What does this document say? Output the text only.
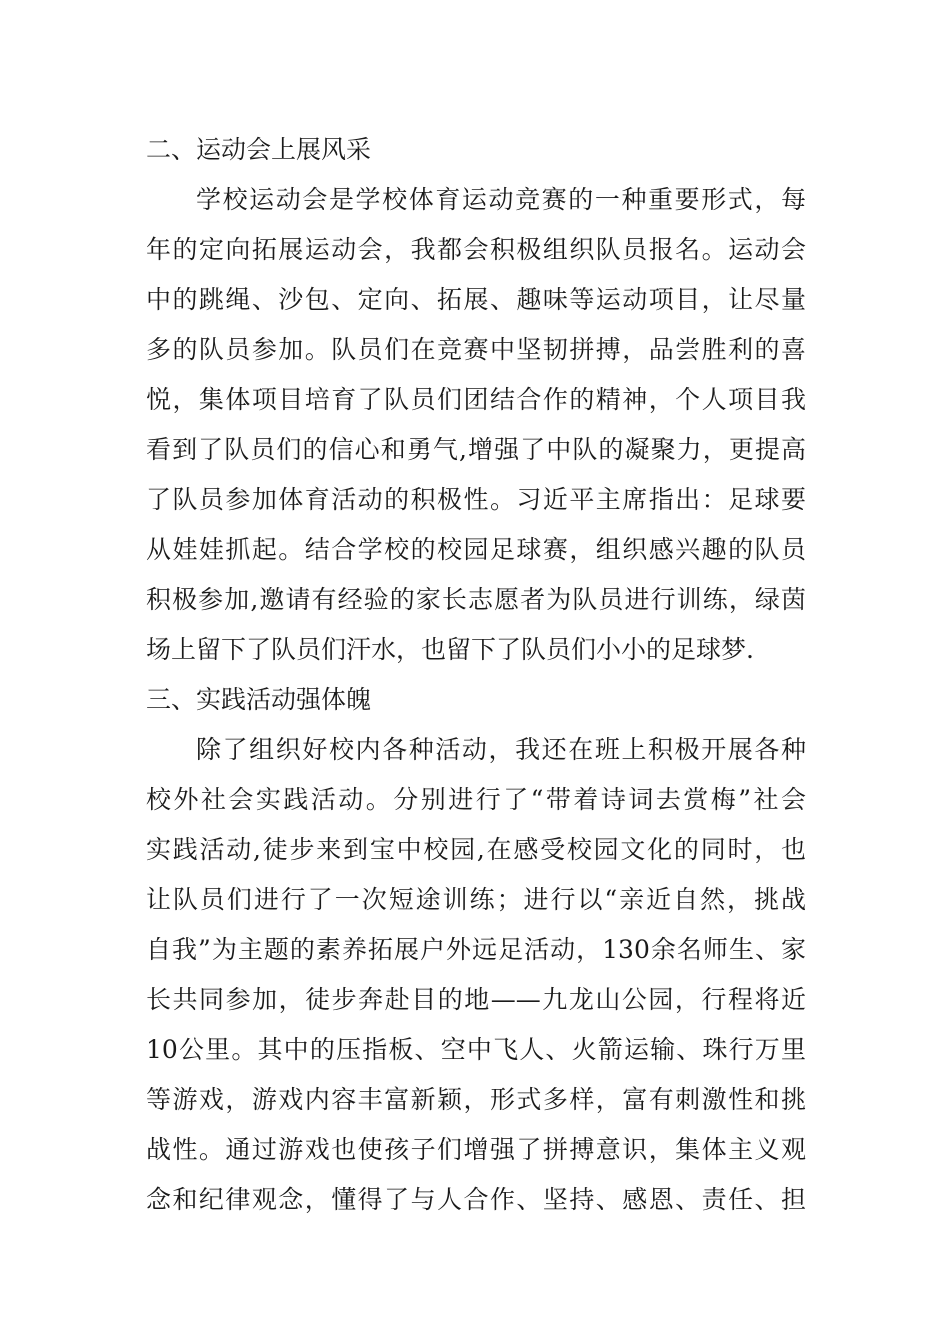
二、运动会上展风采
学校运动会是学校体育运动竞赛的一种重要形式，每
年的定向拓展运动会，我都会积极组织队员报名。运动会
中的跳绳、沙包、定向、拓展、趣味等运动项目，让尽量
多的队员参加。队员们在竞赛中坚韧拼搏，品尝胜利的喜
悦，集体项目培育了队员们团结合作的精神，个人项目我
看到了队员们的信心和勇气,增强了中队的凝聚力，更提高
了队员参加体育活动的积极性。习近平主席指出：足球要
从娃娃抓起。结合学校的校园足球赛，组织感兴趣的队员
积极参加,邀请有经验的家长志愿者为队员进行训练，绿茵
场上留下了队员们汗水，也留下了队员们小小的足球梦.
三、实践活动强体魄
除了组织好校内各种活动，我还在班上积极开展各种
校外社会实践活动。分别进行了“带着诗词去赏梅”社会
实践活动,徒步来到宝中校园,在感受校园文化的同时，也
让队员们进行了一次短途训练；进行以“亲近自然，挑战
自我”为主题的素养拓展户外远足活动，130余名师生、家
长共同参加，徒步奔赴目的地——九龙山公园，行程将近
10公里。其中的压指板、空中飞人、火箭运输、珠行万里
等游戏，游戏内容丰富新颖，形式多样，富有刺激性和挑
战性。通过游戏也使孩子们增强了拼搏意识，集体主义观
念和纪律观念，懂得了与人合作、坚持、感恩、责任、担
